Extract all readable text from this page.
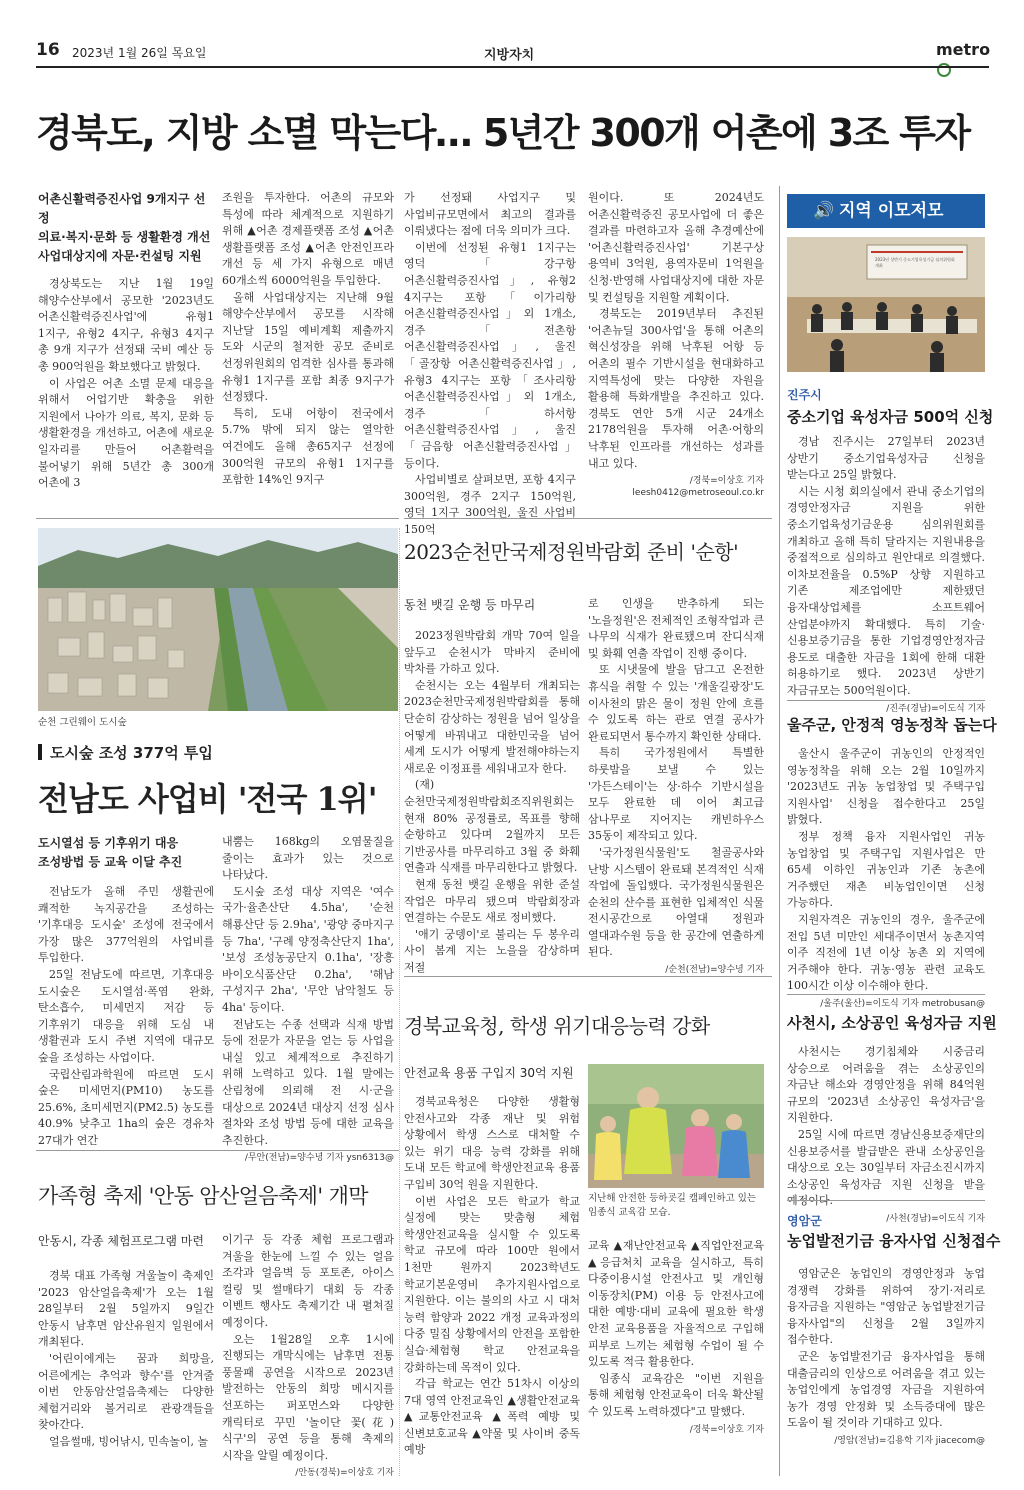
16 2023년 1월 26일 목요일	지방자치	metro
경북도, 지방 소멸 막는다… 5년간 300개 어촌에 3조 투자
어촌신활력증진사업 9개지구 선정
의료·복지·문화 등 생활환경 개선
사업대상지에 자문·컨설팅 지원

경상북도는 지난 1월 19일 해양수산부에서 공모한 '2023년도 어촌신활력증진사업'에 유형1 1지구, 유형2 4지구, 유형3 4지구 총 9개 지구가 선정돼 국비 예산 등 총 900억원을 확보했다고 밝혔다.

이 사업은 어촌 소멸 문제 대응을 위해서 어업기반 확충을 위한 지원에서 나아가 의료, 복지, 문화 등 생활환경을 개선하고, 어촌에 새로운 일자리를 만들어 어촌활력을 불어넣기 위해 5년간 총 300개 어촌에 3

조원을 투자한다. 어촌의 규모와 특성에 따라 체계적으로 지원하기 위해 ▲어촌 경제플랫폼 조성 ▲어촌 생활플랫폼 조성 ▲어촌 안전인프라 개선 등 세 가지 유형으로 매년 60개소씩 6000억원을 투입한다.

올해 사업대상지는 지난해 9월 해양수산부에서 공모를 시작해 지난달 15일 예비계획 제출까지 도와 시군의 철저한 공모 준비로 선정위원회의 엄격한 심사를 통과해 유형1 1지구를 포함 최종 9지구가 선정됐다.

특히, 도내 어항이 전국에서 5.7% 밖에 되지 않는 열악한 여건에도 올해 총65지구 선정에 300억원 규모의 유형1 1지구를 포함한 14%인 9지구

가 선정돼 사업지구 및 사업비규모면에서 최고의 결과를 이뤄냈다는 점에 더욱 의미가 크다.

이번에 선정된 유형1 1지구는 영덕「강구항 어촌신활력증진사업」, 유형2 4지구는 포항「이가리항 어촌신활력증진사업」외 1개소, 경주「전촌항 어촌신활력증진사업」, 울진「골장항 어촌신활력증진사업」, 유형3 4지구는 포항「조사리항 어촌신활력증진사업」외 1개소, 경주「하서항 어촌신활력증진사업」, 울진「금음항 어촌신활력증진사업」등이다.

사업비별로 살펴보면, 포항 4지구 300억원, 경주 2지구 150억원, 영덕 1지구 300억원, 울진 사업비 150억

원이다. 또 2024년도 어촌신활력증진 공모사업에 더 좋은 결과를 마련하고자 올해 추경예산에 '어촌신활력증진사업' 기본구상 용역비 3억원, 용역자문비 1억원을 신청·반영해 사업대상지에 대한 자문 및 컨설팅을 지원할 계획이다.

경북도는 2019년부터 추진된 '어촌뉴딜 300사업'을 통해 어촌의 혁신성장을 위해 낙후된 어항 등 어촌의 필수 기반시설을 현대화하고 지역특성에 맞는 다양한 자원을 활용해 특화개발을 추진하고 있다. 경북도 연안 5개 시군 24개소 2178억원을 투자해 어촌·어항의 낙후된 인프라를 개선하는 성과를 내고 있다.

/경북=이상호 기자 leesh0412@metroseoul.co.kr
순천 그린웨이 도시숲
도시숲 조성 377억 투입
전남도 사업비 '전국 1위'
도시열섬 등 기후위기 대응
조성방법 등 교육 이달 추진

전남도가 올해 주민 생활권에 쾌적한 녹지공간을 조성하는 '기후대응 도시숲' 조성에 전국에서 가장 많은 377억원의 사업비를 투입한다.

25일 전남도에 따르면, 기후대응 도시숲은 도시열섬·폭염 완화, 탄소흡수, 미세먼지 저감 등 기후위기 대응을 위해 도심 내 생활권과 도시 주변 지역에 대규모 숲을 조성하는 사업이다.

국립산림과학원에 따르면 도시 숲은 미세먼지(PM10) 농도를 25.6%, 초미세먼지(PM2.5) 농도를 40.9% 낮추고 1ha의 숲은 경유차 27대가 연간

내뿜는 168kg의 오염물질을 줄이는 효과가 있는 것으로 나타났다.

도시숲 조성 대상 지역은 '여수 국가·율촌산단 4.5ha', '순천 해룡산단 등 2.9ha', '광양 중마지구 등 7ha', '구례 양정축산단지 1ha', '보성 조성농공단지 0.1ha', '장흥 바이오식품산단 0.2ha', '해남 구성지구 2ha', '무안 남악철도 등 4ha' 등이다.

전남도는 수종 선택과 식재 방법 등에 전문가 자문을 얻는 등 사업을 내실 있고 체계적으로 추진하기 위해 노력하고 있다. 1월 말에는 산림청에 의뢰해 전 시·군을 대상으로 2024년 대상지 선정 심사 절차와 조성 방법 등에 대한 교육을 추진한다.

/무안(전남)=양수녕 기자 ysn6313@
가족형 축제 '안동 암산얼음축제' 개막
안동시, 각종 체험프로그램 마련

경북 대표 가족형 겨울놀이 축제인 '2023 암산얼음축제'가 오는 1월 28일부터 2월 5일까지 9일간 안동시 남후면 암산유원지 일원에서 개최된다.

'어린이에게는 꿈과 희망을, 어른에게는 추억과 향수'를 안겨줄 이번 안동암산얼음축제는 다양한 체험거리와 볼거리로 관광객들을 찾아간다.

얼음썰매, 빙어낚시, 민속놀이, 놀

이기구 등 각종 체험 프로그램과 겨울을 한눈에 느낄 수 있는 얼음 조각과 얼음벽 등 포토존, 아이스 컬링 및 썰매타기 대회 등 각종 이벤트 행사도 축제기간 내 펼쳐질 예정이다.

오는 1월28일 오후 1시에 진행되는 개막식에는 남후면 전통 풍물패 공연을 시작으로 2023년 발전하는 안동의 희망 메시지를 선포하는 퍼포먼스와 다양한 캐릭터로 꾸민 '놀이단 꽃(花) 식구'의 공연 등을 통해 축제의 시작을 알릴 예정이다.

/안동(경북)=이상호 기자
2023순천만국제정원박람회 준비 '순항'
동천 뱃길 운행 등 마무리

2023정원박람회 개막 70여 일을 앞두고 순천시가 막바지 준비에 박차를 가하고 있다.

순천시는 오는 4월부터 개최되는 2023순천만국제정원박람회를 통해 단순히 감상하는 정원을 넘어 일상을 어떻게 바꿔내고 대한민국을 넘어 세계 도시가 어떻게 발전해야하는지 새로운 이정표를 세워내고자 한다.

(재)순천만국제정원박람회조직위원회는 현재 80% 공정률로, 목표를 향해 순항하고 있다며 2월까지 모든 기반공사를 마무리하고 3월 중 화훼 연출과 식재를 마무리한다고 밝혔다.

현재 동천 뱃길 운행을 위한 준설 작업은 마무리 됐으며 박람회장과 연결하는 수문도 새로 정비했다.

'애기 궁뎅이'로 불리는 두 봉우리 사이 봄계 지는 노을을 감상하며 저절

로 인생을 반추하게 되는 '노을정원'은 전체적인 조형작업과 큰 나무의 식재가 완료됐으며 잔디식재 및 화훼 연출 작업이 진행 중이다.

또 시냇물에 발을 담그고 온전한 휴식을 취할 수 있는 '개울길광장'도 이사천의 맑은 물이 정원 안에 흐를 수 있도록 하는 관로 연결 공사가 완료되면서 통수까지 확인한 상태다.

특히 국가정원에서 특별한 하룻밤을 보낼 수 있는 '가든스테이'는 상·하수 기반시설을 모두 완료한 데 이어 최고급 삼나무로 지어지는 캐빈하우스 35동이 제작되고 있다.

'국가정원식물원'도 철골공사와 난방 시스템이 완료돼 본격적인 식재 작업에 돌입했다. 국가정원식물원은 순천의 산수를 표현한 입체적인 식물 전시공간으로 아열대 정원과 열대과수원 등을 한 공간에 연출하게 된다.

/순천(전남)=양수녕 기자
경북교육청, 학생 위기대응능력 강화
안전교육 용품 구입지 30억 지원

경북교육청은 다양한 생활형 안전사고와 각종 재난 및 위험 상황에서 학생 스스로 대처할 수 있는 위기 대응 능력 강화를 위해 도내 모든 학교에 학생안전교육 용품 구입비 30억 원을 지원한다.

이번 사업은 모든 학교가 학교 실정에 맞는 맞춤형 체험 학생안전교육을 실시할 수 있도록 학교 규모에 따라 100만 원에서 1천만 원까지 2023학년도 학교기본운영비 추가지원사업으로 지원한다. 이는 불의의 사고 시 대처 능력 함양과 2022 개정 교육과정의 다중 밀집 상황에서의 안전을 포함한 실습·체험형 학교 안전교육을 강화하는데 목적이 있다.

각급 학교는 연간 51차시 이상의 7대 영역 안전교육인 ▲생활안전교육 ▲교통안전교육 ▲폭력 예방 및 신변보호교육 ▲약물 및 사이버 중독 예방

지난해 안전한 등하굣길 캠페인하고 있는 임종식 교육감 모습.

교육 ▲재난안전교육 ▲직업안전교육 ▲응급처치 교육을 실시하고, 특히 다중이용시설 안전사고 및 개인형 이동장치(PM) 이용 등 안전사고에 대한 예방·대비 교육에 필요한 학생 안전 교육용품을 자율적으로 구입해 피부로 느끼는 체험형 수업이 될 수 있도록 적극 활용한다.

임종식 교육감은 "이번 지원을 통해 체험형 안전교육이 더욱 확산될 수 있도록 노력하겠다"고 말했다.

/경북=이상호 기자
🔊 지역 이모저모
2023년 상반기 중소기업육성기금 심의위원회 개최
진주시
중소기업 육성자금 500억 신청

경남 진주시는 27일부터 2023년 상반기 중소기업육성자금 신청을 받는다고 25일 밝혔다.

시는 시청 회의실에서 관내 중소기업의 경영안정자금 지원을 위한 중소기업육성기금운용 심의위원회를 개최하고 올해 특히 달라지는 지원내용을 중점적으로 심의하고 원안대로 의결했다. 이차보전율을 0.5%P 상향 지원하고 기존 제조업에만 제한됐던 융자대상업체를 소프트웨어 산업분야까지 확대했다. 특히 기술·신용보증기금을 통한 기업경영안정자금 용도로 대출한 자금을 1회에 한해 대환 허용하기로 했다. 2023년 상반기 자금규모는 500억원이다.

/진주(경남)=이도식 기자
울주군, 안정적 영농정착 돕는다

울산시 울주군이 귀농인의 안정적인 영농정착을 위해 오는 2월 10일까지 '2023년도 귀농 농업창업 및 주택구입 지원사업' 신청을 접수한다고 25일 밝혔다.

정부 정책 융자 지원사업인 귀농 농업창업 및 주택구입 지원사업은 만 65세 이하인 귀농인과 기존 농촌에 거주했던 재촌 비농업인이면 신청 가능하다.

지원자격은 귀농인의 경우, 울주군에 전입 5년 미만인 세대주이면서 농촌지역 이주 직전에 1년 이상 농촌 외 지역에 거주해야 한다. 귀농·영농 관련 교육도 100시간 이상 이수해야 한다.

/울주(울산)=이도식 기자 metrobusan@
사천시, 소상공인 육성자금 지원

사천시는 경기침체와 시중금리 상승으로 어려움을 겪는 소상공인의 자금난 해소와 경영안정을 위해 84억원 규모의 '2023년 소상공인 육성자금'을 지원한다.

25일 시에 따르면 경남신용보증재단의 신용보증서를 발급받은 관내 소상공인을 대상으로 오는 30일부터 자금소진시까지 소상공인 육성자금 지원 신청을 받을 예정이다.

/사천(경남)=이도식 기자
영암군
농업발전기금 융자사업 신청접수

영암군은 농업인의 경영안정과 농업 경쟁력 강화를 위하여 장기·저리로 융자금을 지원하는 "영암군 농업발전기금 융자사업"의 신청을 2월 3일까지 접수한다.

군은 농업발전기금 융자사업을 통해 대출금리의 인상으로 어려움을 겪고 있는 농업인에게 농업경영 자금을 지원하여 농가 경영 안정화 및 소득증대에 많은 도움이 될 것이라 기대하고 있다.

/영암(전남)=김용학 기자 jiacecom@
